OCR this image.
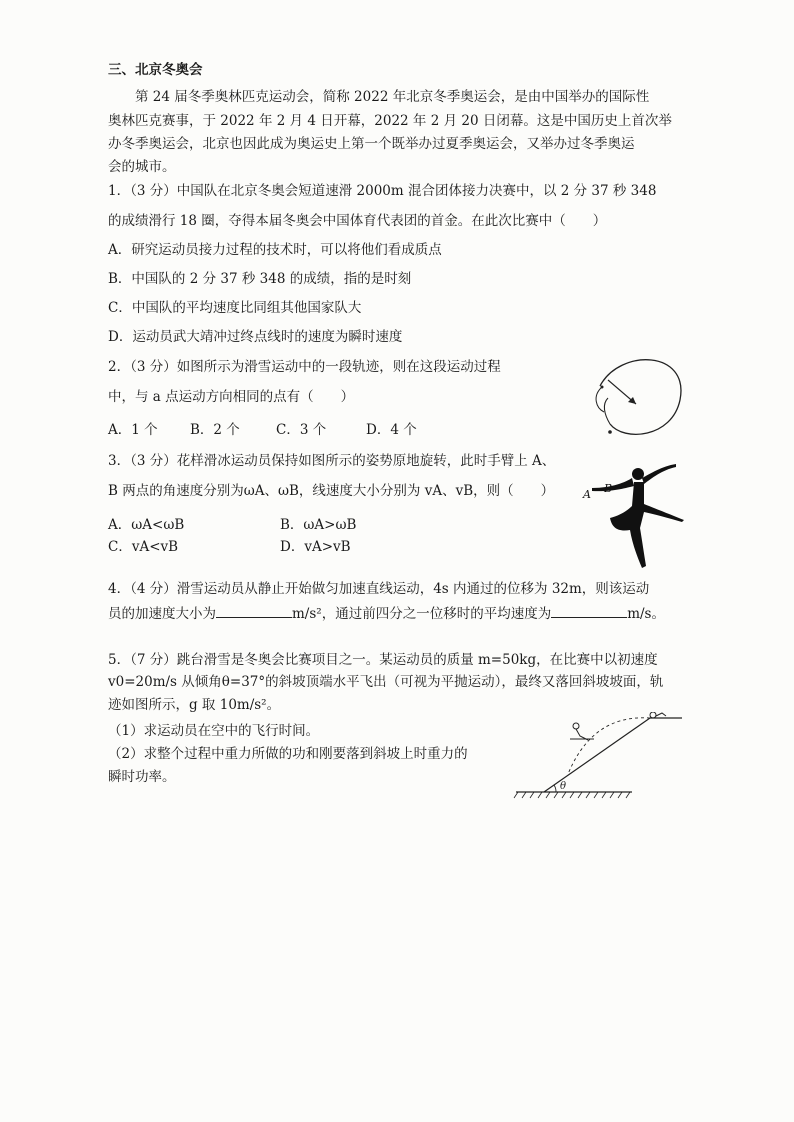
三、北京冬奥会
　　第 24 届冬季奥林匹克运动会，简称 2022 年北京冬季奥运会，是由中国举办的国际性
奥林匹克赛事，于 2022 年 2 月 4 日开幕，2022 年 2 月 20 日闭幕。这是中国历史上首次举
办冬季奥运会，北京也因此成为奥运史上第一个既举办过夏季奥运会，又举办过冬季奥运
会的城市。
1．（3 分）中国队在北京冬奥会短道速滑 2000m 混合团体接力决赛中，以 2 分 37 秒 348
的成绩滑行 18 圈，夺得本届冬奥会中国体育代表团的首金。在此次比赛中（　　）
A．研究运动员接力过程的技术时，可以将他们看成质点
B．中国队的 2 分 37 秒 348 的成绩，指的是时刻
C．中国队的平均速度比同组其他国家队大
D．运动员武大靖冲过终点线时的速度为瞬时速度
2．（3 分）如图所示为滑雪运动中的一段轨迹，则在这段运动过程
中，与 a 点运动方向相同的点有（　　）
A．1 个 B．2 个	C．3 个	D．4 个
3．（3 分）花样滑冰运动员保持如图所示的姿势原地旋转，此时手臂上 A、
B 两点的角速度分别为ωA、ωB，线速度大小分别为 vA、vB，则（　　）
A．ωA<ωB	B．ωA>ωB
C．vA<vB	D．vA>vB
B
A
4．（4 分）滑雪运动员从静止开始做匀加速直线运动，4s 内通过的位移为 32m，则该运动
员的加速度大小为	m/s²，通过前四分之一位移时的平均速度为	m/s。
5．（7 分）跳台滑雪是冬奥会比赛项目之一。某运动员的质量 m=50kg，在比赛中以初速度
v0=20m/s 从倾角θ=37°的斜坡顶端水平飞出（可视为平抛运动），最终又落回斜坡坡面，轨
迹如图所示，g 取 10m/s²。
（1）求运动员在空中的飞行时间。
（2）求整个过程中重力所做的功和刚要落到斜坡上时重力的
瞬时功率。
θ
